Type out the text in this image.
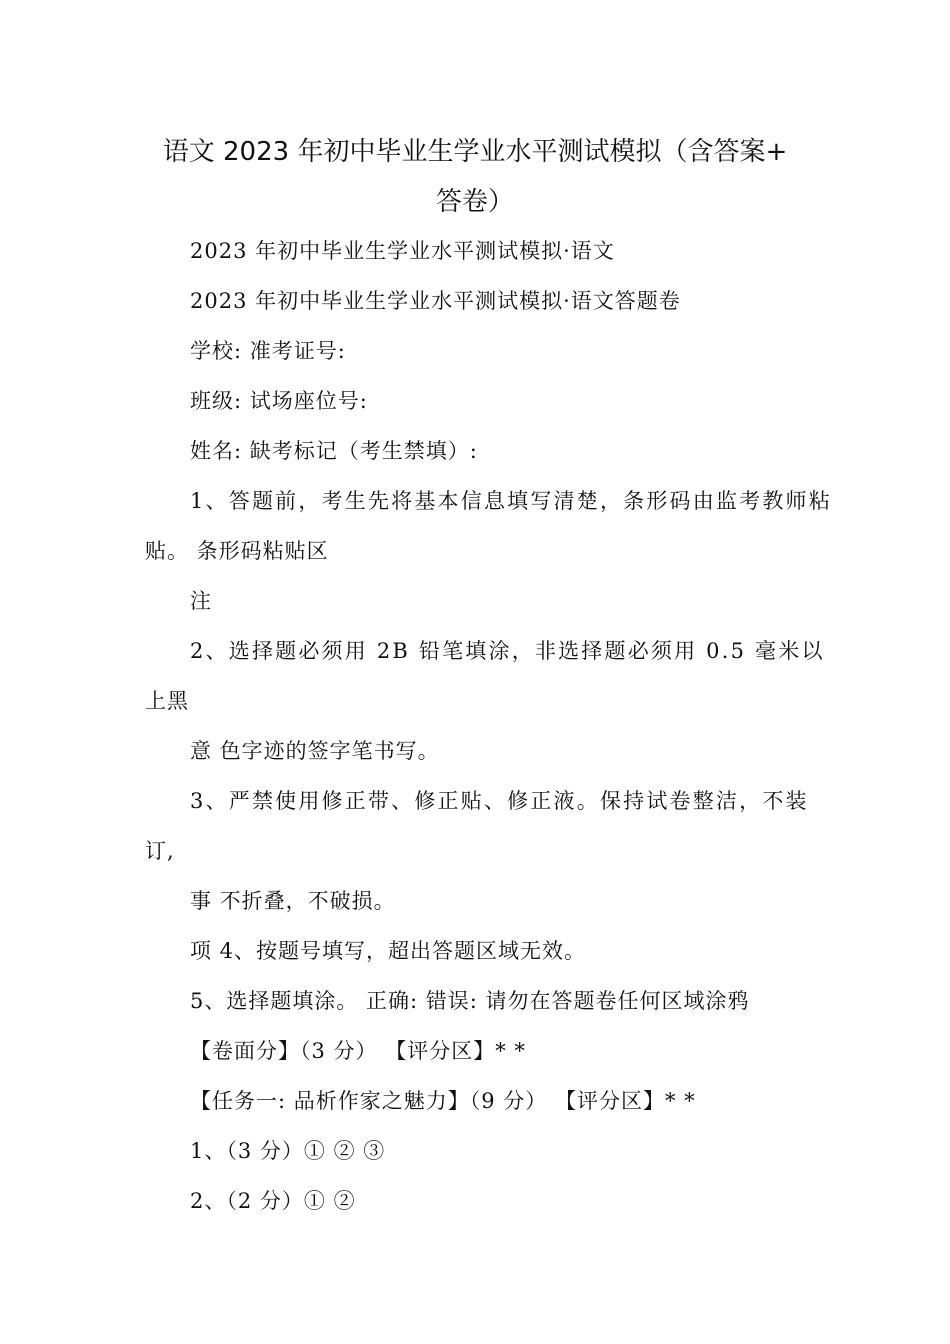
语文 2023 年初中毕业生学业水平测试模拟（含答案+
答卷）

2023 年初中毕业生学业水平测试模拟·语文

2023 年初中毕业生学业水平测试模拟·语文答题卷

学校: 准考证号:

班级: 试场座位号:

姓名: 缺考标记（考生禁填）:

1、答题前，考生先将基本信息填写清楚，条形码由监考教师粘

贴。 条形码粘贴区

注

2、选择题必须用 2B 铅笔填涂，非选择题必须用 0.5 毫米以

上黑

意 色字迹的签字笔书写。

3、严禁使用修正带、修正贴、修正液。保持试卷整洁，不装

订,

事 不折叠，不破损。

项 4、按题号填写，超出答题区域无效。

5、选择题填涂。 正确: 错误: 请勿在答题卷任何区域涂鸦

【卷面分】（3 分） 【评分区】* *

【任务一: 品析作家之魅力】（9 分） 【评分区】* *

1、（3 分）① ② ③

2、（2 分）① ②
